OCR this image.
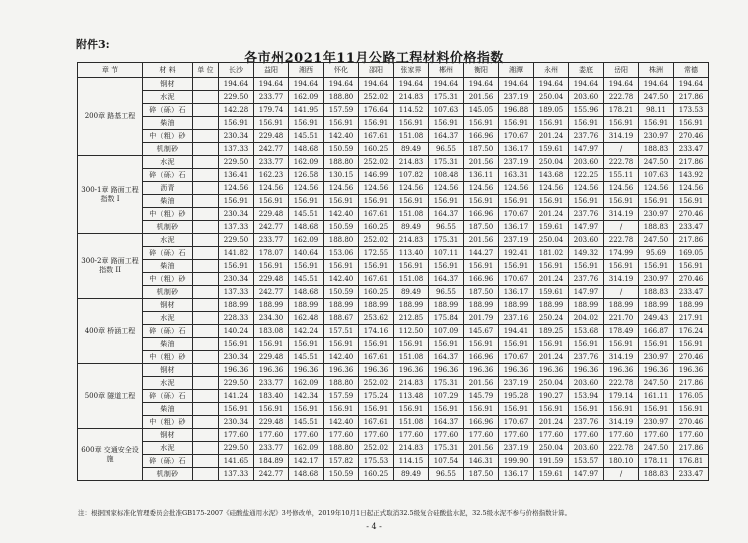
附件3:
各市州2021年11月公路工程材料价格指数
章 节	材 料	单 位	长沙	益阳	湘西	怀化	邵阳	张家界	郴州	衡阳	湘潭	永州	娄底	岳阳	株洲	常德
200章 路基工程	钢材		194.64	194.64	194.64	194.64	194.64	194.64	194.64	194.64	194.64	194.64	194.64	194.64	194.64	194.64
	水泥		229.50	233.77	162.09	188.80	252.02	214.83	175.31	201.56	237.19	250.04	203.60	222.78	247.50	217.86
	碎（砾）石		142.28	179.74	141.95	157.59	176.64	114.52	107.63	145.05	196.88	189.05	155.96	178.21	98.11	173.53
	柴油		156.91	156.91	156.91	156.91	156.91	156.91	156.91	156.91	156.91	156.91	156.91	156.91	156.91	156.91
	中（粗）砂		230.34	229.48	145.51	142.40	167.61	151.08	164.37	166.96	170.67	201.24	237.76	314.19	230.97	270.46
	机制砂		137.33	242.77	148.68	150.59	160.25	89.49	96.55	187.50	136.17	159.61	147.97	/	188.83	233.47
300-1章 路面工程指数 I	水泥		229.50	233.77	162.09	188.80	252.02	214.83	175.31	201.56	237.19	250.04	203.60	222.78	247.50	217.86
	碎（砾）石		136.41	162.23	126.58	130.15	146.99	107.82	108.48	136.11	163.31	143.68	122.25	155.11	107.63	143.92
	沥青		124.56	124.56	124.56	124.56	124.56	124.56	124.56	124.56	124.56	124.56	124.56	124.56	124.56	124.56
	柴油		156.91	156.91	156.91	156.91	156.91	156.91	156.91	156.91	156.91	156.91	156.91	156.91	156.91	156.91
	中（粗）砂		230.34	229.48	145.51	142.40	167.61	151.08	164.37	166.96	170.67	201.24	237.76	314.19	230.97	270.46
	机制砂		137.33	242.77	148.68	150.59	160.25	89.49	96.55	187.50	136.17	159.61	147.97	/	188.83	233.47
300-2章 路面工程指数 II	水泥		229.50	233.77	162.09	188.80	252.02	214.83	175.31	201.56	237.19	250.04	203.60	222.78	247.50	217.86
	碎（砾）石		141.82	178.07	140.64	153.06	172.55	113.40	107.11	144.27	192.41	181.02	149.32	174.99	95.69	169.05
	柴油		156.91	156.91	156.91	156.91	156.91	156.91	156.91	156.91	156.91	156.91	156.91	156.91	156.91	156.91
	中（粗）砂		230.34	229.48	145.51	142.40	167.61	151.08	164.37	166.96	170.67	201.24	237.76	314.19	230.97	270.46
	机制砂		137.33	242.77	148.68	150.59	160.25	89.49	96.55	187.50	136.17	159.61	147.97	/	188.83	233.47
400章 桥涵工程	钢材		188.99	188.99	188.99	188.99	188.99	188.99	188.99	188.99	188.99	188.99	188.99	188.99	188.99	188.99
	水泥		228.33	234.30	162.48	188.67	253.62	212.85	175.84	201.79	237.16	250.24	204.02	221.70	249.43	217.91
	碎（砾）石		140.24	183.08	142.24	157.51	174.16	112.50	107.09	145.67	194.41	189.25	153.68	178.49	166.87	176.24
	柴油		156.91	156.91	156.91	156.91	156.91	156.91	156.91	156.91	156.91	156.91	156.91	156.91	156.91	156.91
	中（粗）砂		230.34	229.48	145.51	142.40	167.61	151.08	164.37	166.96	170.67	201.24	237.76	314.19	230.97	270.46
500章 隧道工程	钢材		196.36	196.36	196.36	196.36	196.36	196.36	196.36	196.36	196.36	196.36	196.36	196.36	196.36	196.36
	水泥		229.50	233.77	162.09	188.80	252.02	214.83	175.31	201.56	237.19	250.04	203.60	222.78	247.50	217.86
	碎（砾）石		141.24	183.40	142.34	157.59	175.24	113.48	107.29	145.79	195.28	190.27	153.94	179.14	161.11	176.05
	柴油		156.91	156.91	156.91	156.91	156.91	156.91	156.91	156.91	156.91	156.91	156.91	156.91	156.91	156.91
	中（粗）砂		230.34	229.48	145.51	142.40	167.61	151.08	164.37	166.96	170.67	201.24	237.76	314.19	230.97	270.46
600章 交通安全设施	钢材		177.60	177.60	177.60	177.60	177.60	177.60	177.60	177.60	177.60	177.60	177.60	177.60	177.60	177.60
	水泥		229.50	233.77	162.09	188.80	252.02	214.83	175.31	201.56	237.19	250.04	203.60	222.78	247.50	217.86
	碎（砾）石		141.65	184.89	142.17	157.82	175.53	114.15	107.54	146.31	199.90	191.59	153.57	180.10	178.11	176.81
	机制砂		137.33	242.77	148.68	150.59	160.25	89.49	96.55	187.50	136.17	159.61	147.97	/	188.83	233.47
注：根据国家标准化管理委员会批准GB175-2007《硅酸盐通用水泥》3号修改单，2019年10月1日起正式取消32.5级复合硅酸盐水泥，32.5级水泥不参与价格指数计算。
- 4 -
